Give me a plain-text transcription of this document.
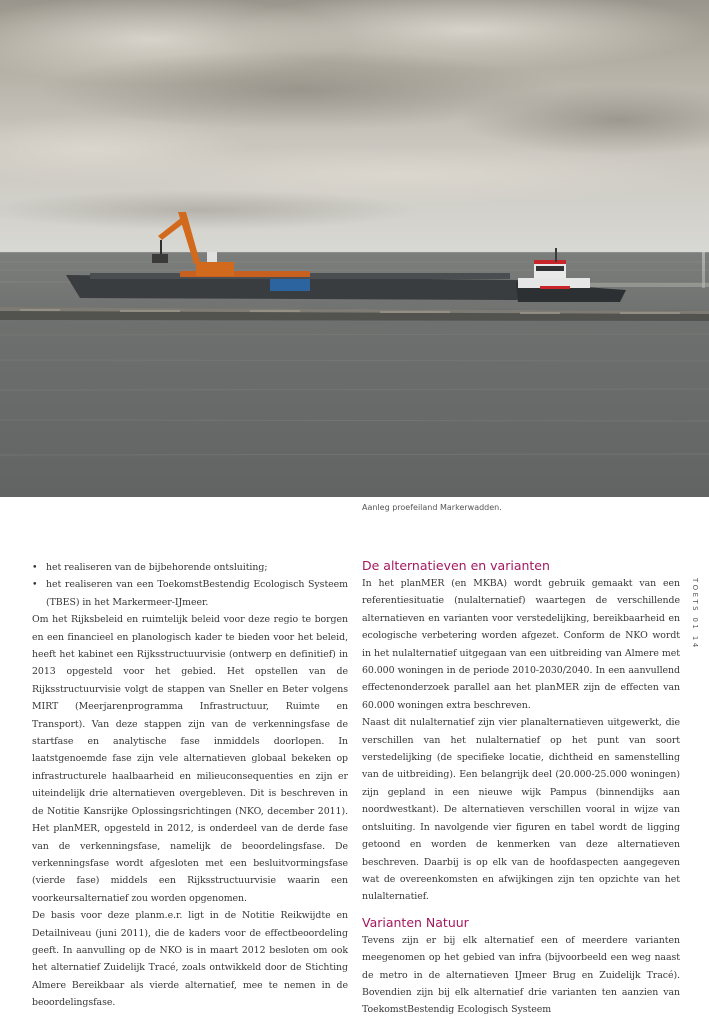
Aanleg proefeiland Markerwadden.
• het realiseren van de bijbehorende ontsluiting;
• het realiseren van een ToekomstBestendig Ecologisch Systeem (TBES) in het Markermeer-IJmeer.

Om het Rijksbeleid en ruimtelijk beleid voor deze regio te borgen en een financieel en planologisch kader te bieden voor het beleid, heeft het kabinet een Rijksstructuurvisie (ontwerp en definitief) in 2013 opgesteld voor het gebied. Het opstellen van de Rijksstructuurvisie volgt de stappen van Sneller en Beter volgens MIRT (Meerjarenprogramma Infrastructuur, Ruimte en Transport). Van deze stappen zijn van de verkenningsfase de startfase en analytische fase inmiddels doorlopen. In laatstgenoemde fase zijn vele alternatieven globaal bekeken op infrastructurele haalbaarheid en milieuconsequenties en zijn er uiteindelijk drie alternatieven overgebleven. Dit is beschreven in de Notitie Kansrijke Oplossingsrichtingen (NKO, december 2011). Het planMER, opgesteld in 2012, is onderdeel van de derde fase van de verkenningsfase, namelijk de beoordelingsfase. De verkenningsfase wordt afgesloten met een besluitvormingsfase (vierde fase) middels een Rijksstructuurvisie waarin een voorkeursalternatief zou worden opgenomen.

De basis voor deze planm.e.r. ligt in de Notitie Reikwijdte en Detailniveau (juni 2011), die de kaders voor de effectbeoordeling geeft. In aanvulling op de NKO is in maart 2012 besloten om ook het alternatief Zuidelijk Tracé, zoals ontwikkeld door de Stichting Almere Bereikbaar als vierde alternatief, mee te nemen in de beoordelingsfase.

De alternatieven en varianten

In het planMER (en MKBA) wordt gebruik gemaakt van een referentiesituatie (nulalternatief) waartegen de verschillende alternatieven en varianten voor verstedelijking, bereikbaarheid en ecologische verbetering worden afgezet. Conform de NKO wordt in het nulalternatief uitgegaan van een uitbreiding van Almere met 60.000 woningen in de periode 2010-2030/2040. In een aanvullend effectenonderzoek parallel aan het planMER zijn de effecten van 60.000 woningen extra beschreven.

Naast dit nulalternatief zijn vier planalternatieven uitgewerkt, die verschillen van het nulalternatief op het punt van soort verstedelijking (de specifieke locatie, dichtheid en samenstelling van de uitbreiding). Een belangrijk deel (20.000-25.000 woningen) zijn gepland in een nieuwe wijk Pampus (binnendijks aan noordwestkant). De alternatieven verschillen vooral in wijze van ontsluiting. In navolgende vier figuren en tabel wordt de ligging getoond en worden de kenmerken van deze alternatieven beschreven. Daarbij is op elk van de hoofdaspecten aangegeven wat de overeenkomsten en afwijkingen zijn ten opzichte van het nulalternatief.

Varianten Natuur

Tevens zijn er bij elk alternatief een of meerdere varianten meegenomen op het gebied van infra (bijvoorbeeld een weg naast de metro in de alternatieven IJmeer Brug en Zuidelijk Tracé). Bovendien zijn bij elk alternatief drie varianten ten aanzien van ToekomstBestendig Ecologisch Systeem

TOETS 01 14
